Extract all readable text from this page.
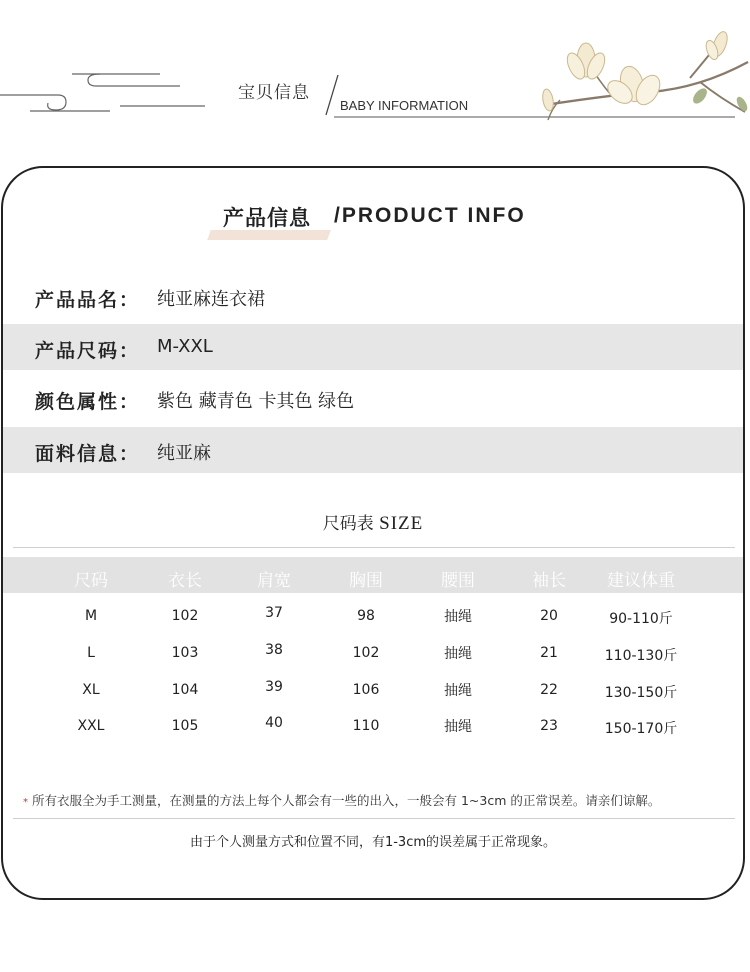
宝贝信息
BABY INFORMATION
产品信息 /PRODUCT INFO
产品品名： 纯亚麻连衣裙
产品尺码： M-XXL
颜色属性： 紫色 藏青色 卡其色 绿色
面料信息： 纯亚麻
尺码表 SIZE
尺码	衣长	肩宽	胸围	腰围	袖长	建议体重
M	102	37	98	抽绳	20	90-110斤
L	103	38	102	抽绳	21	110-130斤
XL	104	39	106	抽绳	22	130-150斤
XXL	105	40	110	抽绳	23	150-170斤
* 所有衣服全为手工测量，在测量的方法上每个人都会有一些的出入，一般会有 1~3cm 的正常误差。请亲们谅解。
由于个人测量方式和位置不同，有1-3cm的误差属于正常现象。
